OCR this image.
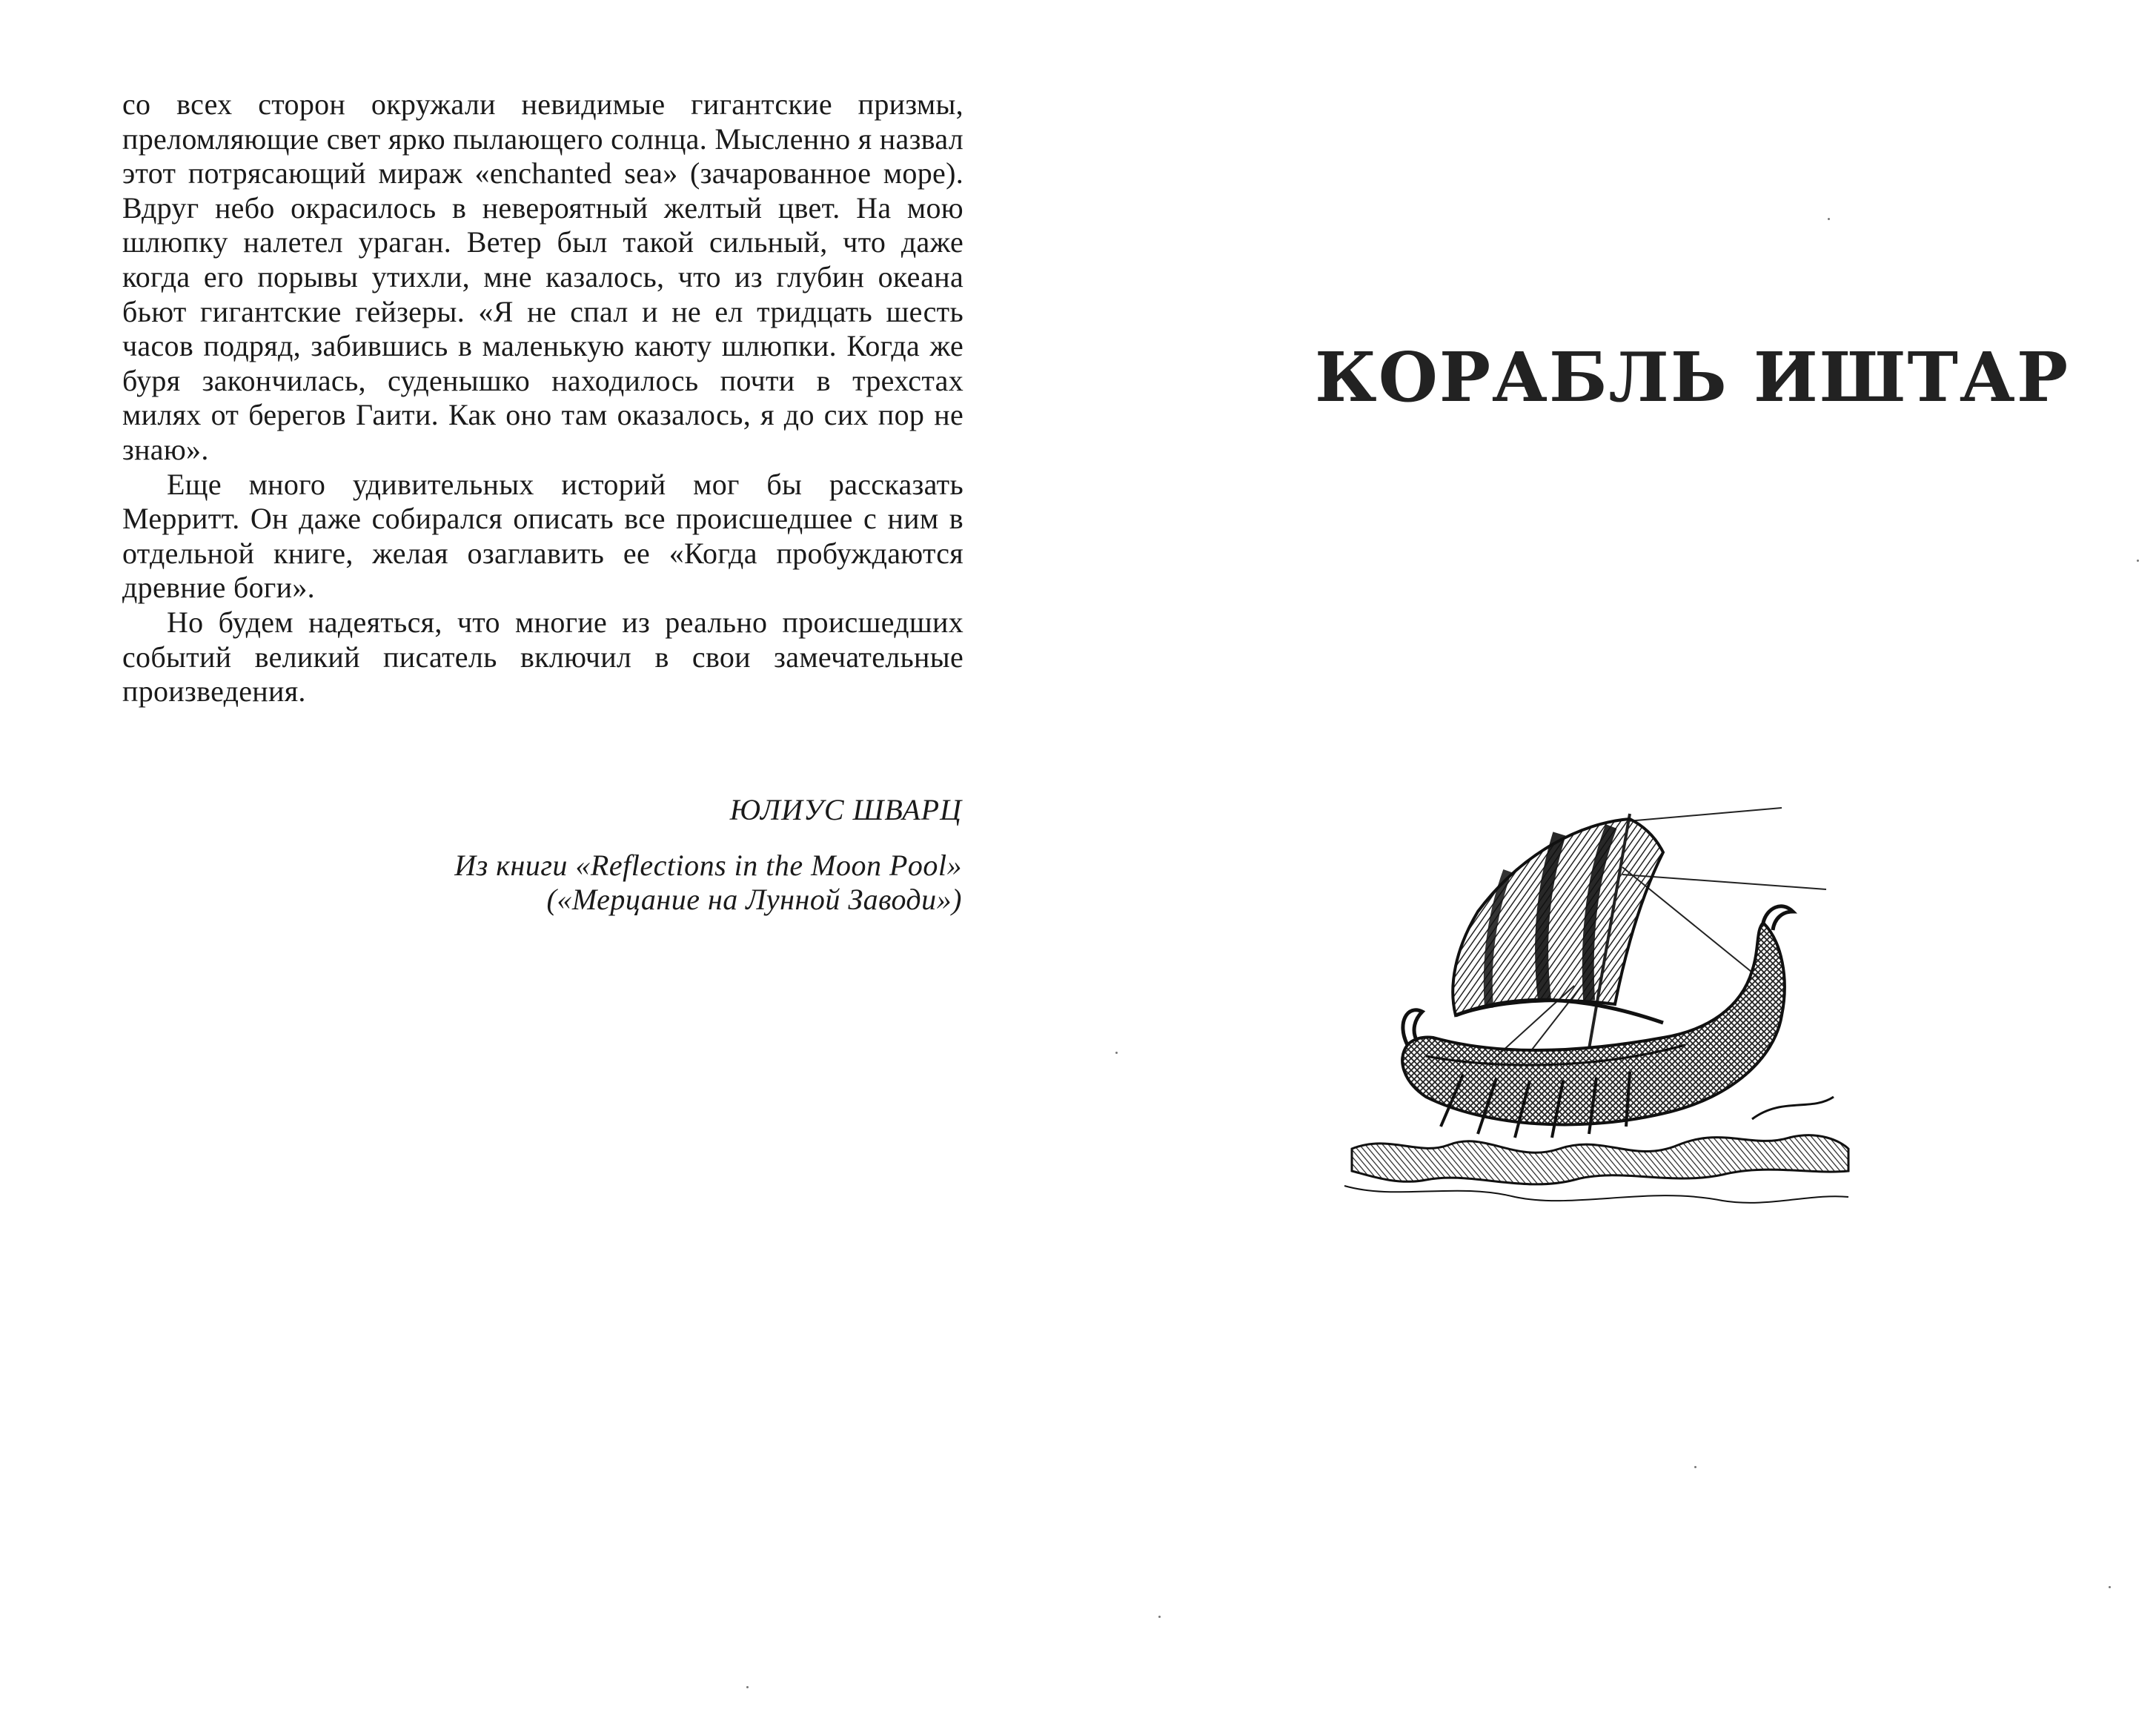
со всех сторон окружали невидимые гигантские призмы, преломляющие свет ярко пылающего солнца. Мысленно я назвал этот потрясающий мираж «enchanted sea» (зачарованное море). Вдруг небо окрасилось в невероятный желтый цвет. На мою шлюпку налетел ураган. Ветер был такой сильный, что даже когда его порывы утихли, мне казалось, что из глубин океана бьют гигантские гейзеры. «Я не спал и не ел тридцать шесть часов подряд, забившись в маленькую каюту шлюпки. Когда же буря закончилась, суденышко находилось почти в трехстах милях от берегов Гаити. Как оно там оказалось, я до сих пор не знаю».

Еще много удивительных историй мог бы рассказать Мерритт. Он даже собирался описать все происшедшее с ним в отдельной книге, желая озаглавить ее «Когда пробуждаются древние боги».

Но будем надеяться, что многие из реально происшедших событий великий писатель включил в свои замечательные произведения.

ЮЛИУС ШВАРЦ
Из книги «Reflections in the Moon Pool»
(«Мерцание на Лунной Заводи»)
КОРАБЛЬ ИШТАР
